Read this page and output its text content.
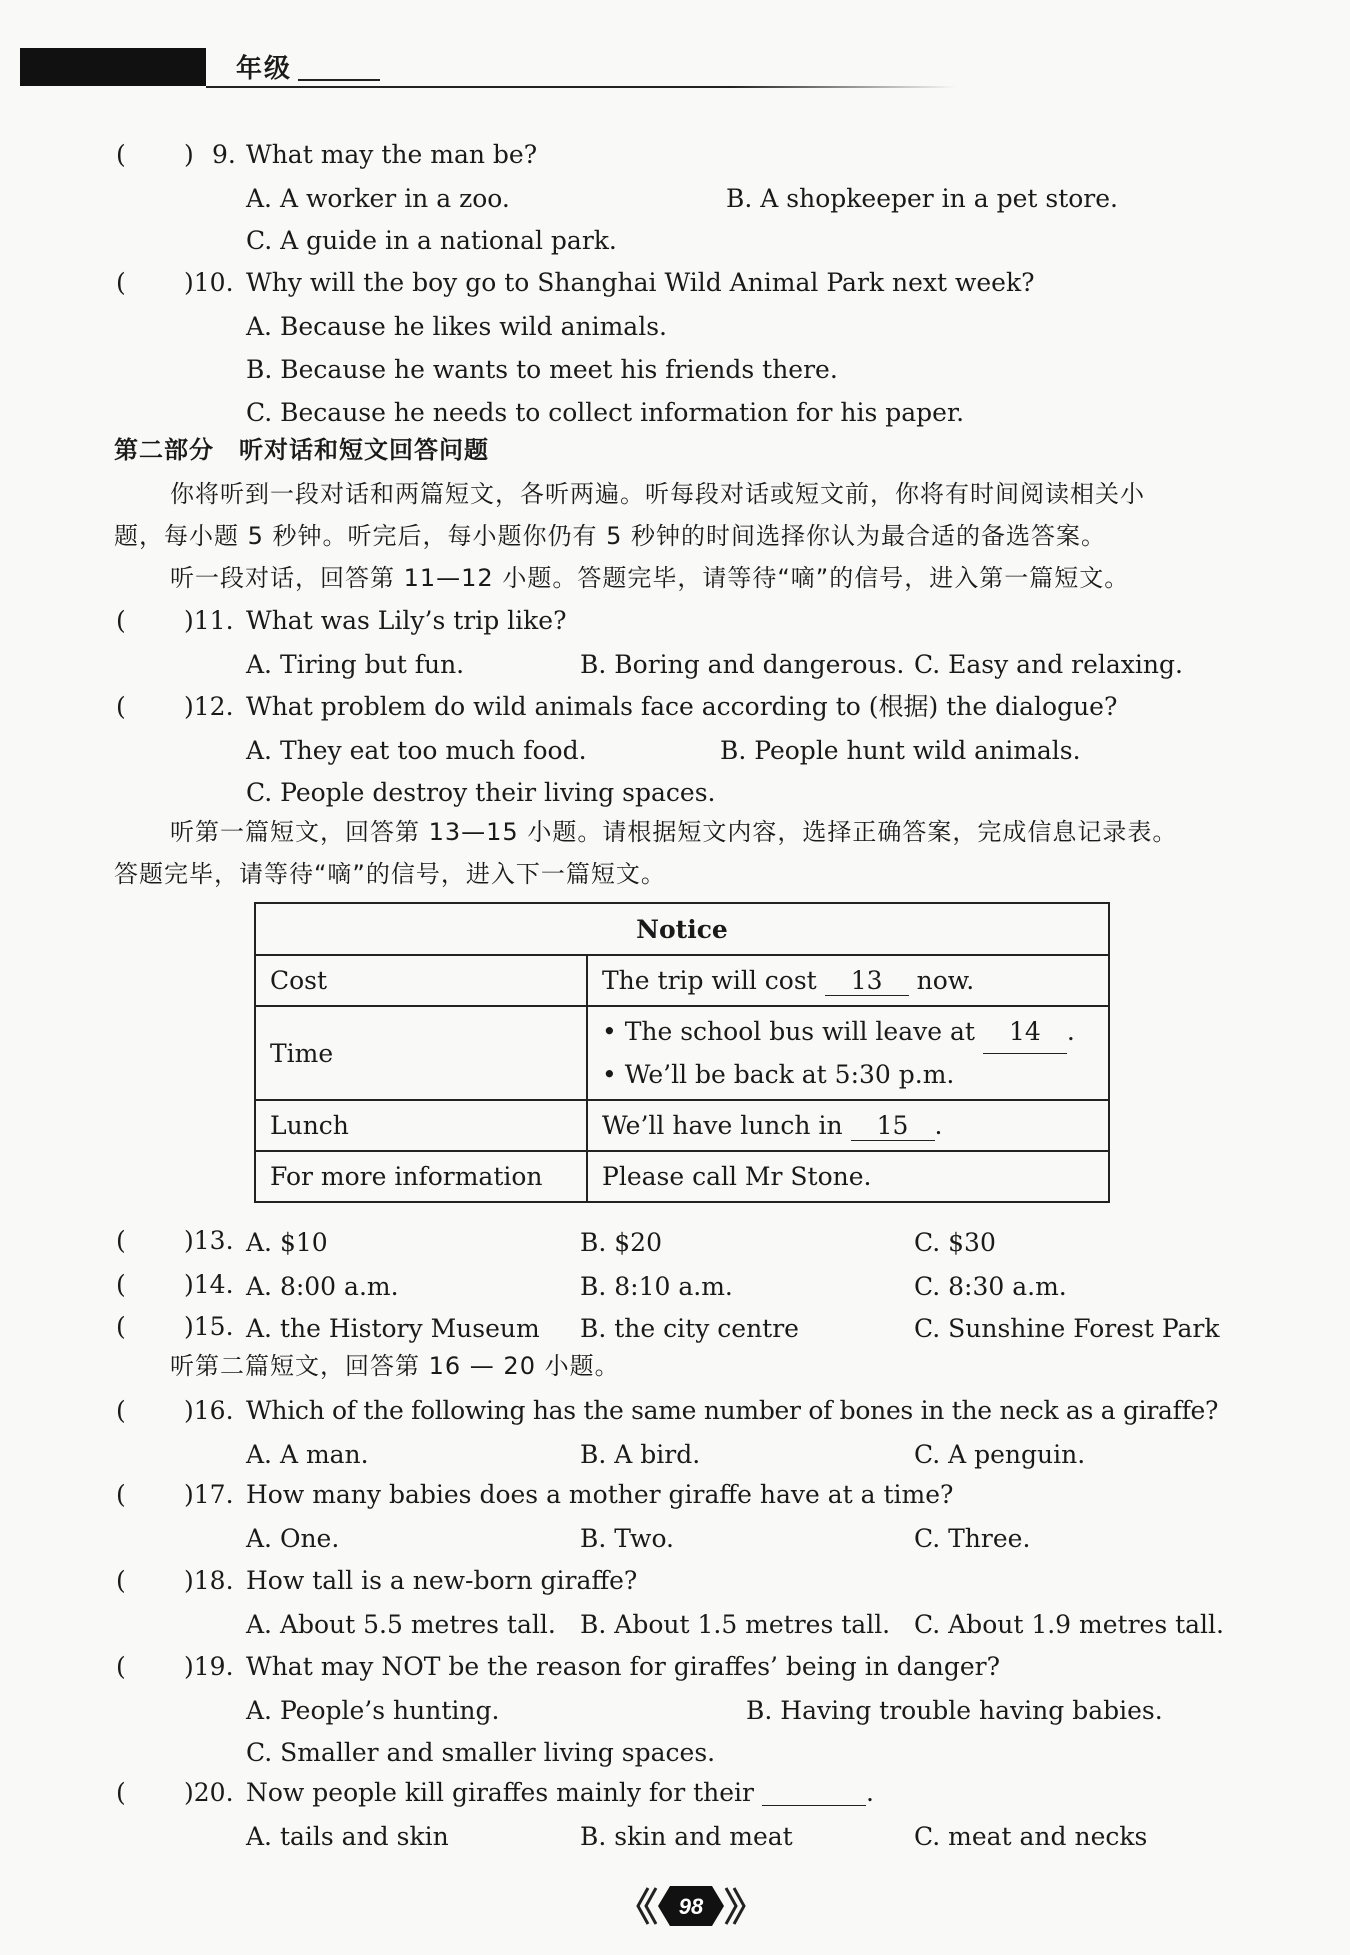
年级
( ) 9. What may the man be?
A. A worker in a zoo.	B. A shopkeeper in a pet store.
C. A guide in a national park.
( )10. Why will the boy go to Shanghai Wild Animal Park next week?
A. Because he likes wild animals.
B. Because he wants to meet his friends there.
C. Because he needs to collect information for his paper.
第二部分　听对话和短文回答问题
你将听到一段对话和两篇短文，各听两遍。听每段对话或短文前，你将有时间阅读相关小
题，每小题 5 秒钟。听完后，每小题你仍有 5 秒钟的时间选择你认为最合适的备选答案。
听一段对话，回答第 11—12 小题。答题完毕，请等待“嘀”的信号，进入第一篇短文。
( )11. What was Lily’s trip like?
A. Tiring but fun.	B. Boring and dangerous. C. Easy and relaxing.
( )12. What problem do wild animals face according to (根据) the dialogue?
A. They eat too much food.	B. People hunt wild animals.
C. People destroy their living spaces.
听第一篇短文，回答第 13—15 小题。请根据短文内容，选择正确答案，完成信息记录表。
答题完毕，请等待“嘀”的信号，进入下一篇短文。
Notice	
Cost	The trip will cost 13 now.
Time	• The school bus will leave at 14 .
• We’ll be back at 5:30 p.m.

Lunch	We’ll have lunch in 15 .
For more information	Please call Mr Stone.
( )13. A. $10	B. $20	C. $30
( )14. A. 8:00 a.m.	B. 8:10 a.m.	C. 8:30 a.m.
( )15. A. the History Museum B. the city centre	C. Sunshine Forest Park
听第二篇短文，回答第 16 — 20 小题。
( )16. Which of the following has the same number of bones in the neck as a giraffe?
A. A man.	B. A bird.	C. A penguin.
( )17. How many babies does a mother giraffe have at a time?
A. One.	B. Two.	C. Three.
( )18. How tall is a new-born giraffe?
A. About 5.5 metres tall. B. About 1.5 metres tall. C. About 1.9 metres tall.
( )19. What may NOT be the reason for giraffes’ being in danger?
A. People’s hunting.	B. Having trouble having babies.
C. Smaller and smaller living spaces.
( )20. Now people kill giraffes mainly for their	.
A. tails and skin	B. skin and meat	C. meat and necks
98
